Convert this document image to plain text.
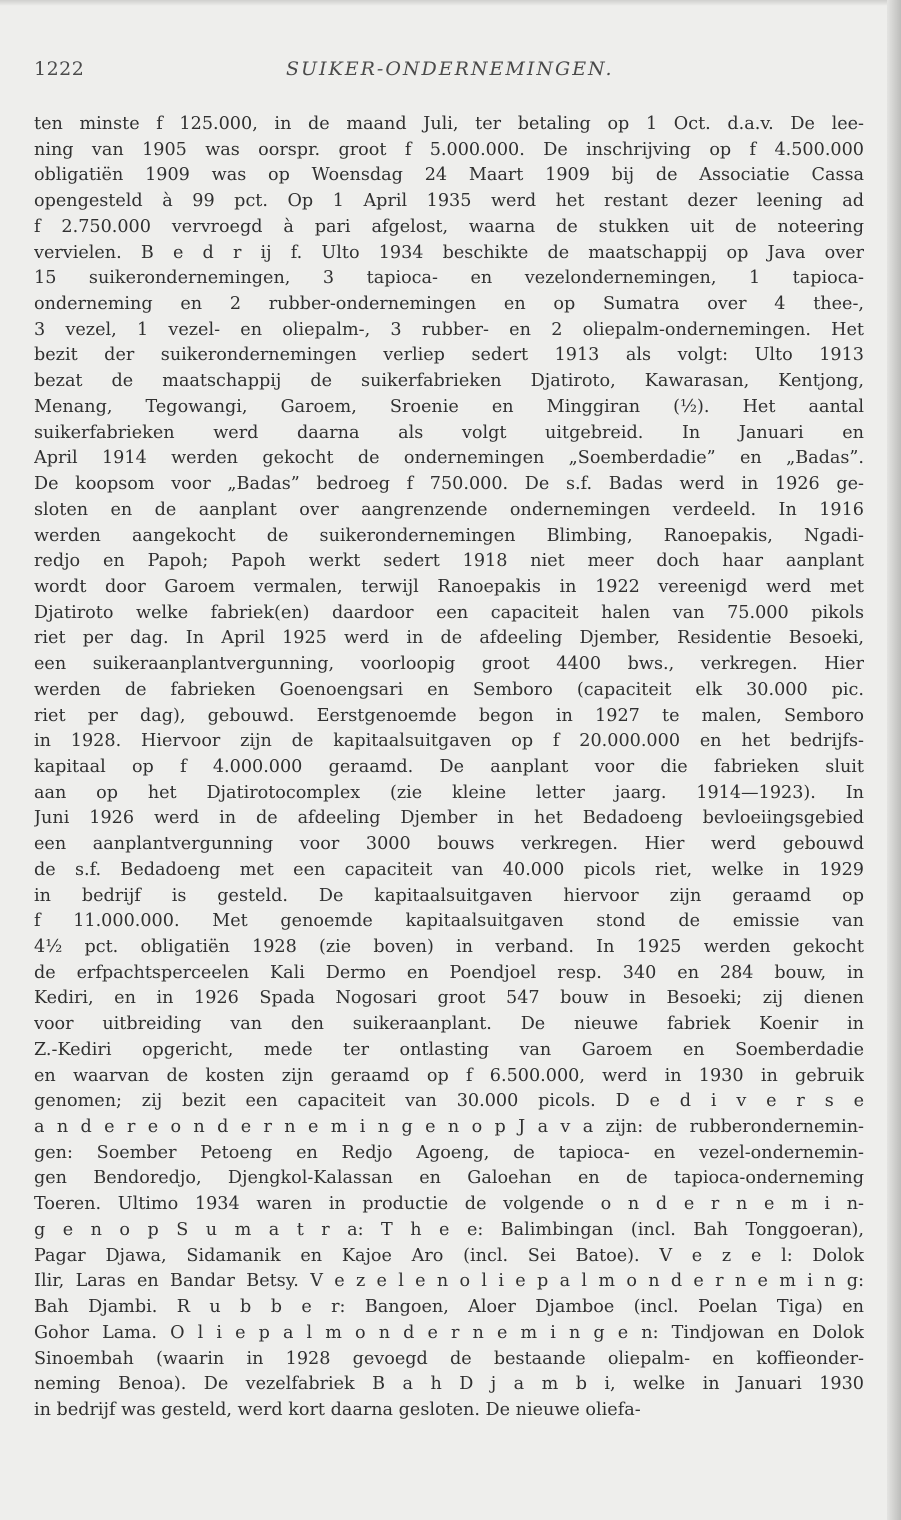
1222	SUIKER-ONDERNEMINGEN.
ten minste f 125.000, in de maand Juli, ter betaling op 1 Oct. d.a.v. De lee-
ning van 1905 was oorspr. groot f 5.000.000. De inschrijving op f 4.500.000
obligatiën 1909 was op Woensdag 24 Maart 1909 bij de Associatie Cassa
opengesteld à 99 pct. Op 1 April 1935 werd het restant dezer leening ad
f 2.750.000 vervroegd à pari afgelost, waarna de stukken uit de noteering
vervielen. B e d r ij f. Ulto 1934 beschikte de maatschappij op Java over
15 suikerondernemingen, 3 tapioca- en vezelondernemingen, 1 tapioca-
onderneming en 2 rubber-ondernemingen en op Sumatra over 4 thee-,
3 vezel, 1 vezel- en oliepalm-, 3 rubber- en 2 oliepalm-ondernemingen. Het
bezit der suikerondernemingen verliep sedert 1913 als volgt: Ulto 1913
bezat de maatschappij de suikerfabrieken Djatiroto, Kawarasan, Kentjong,
Menang, Tegowangi, Garoem, Sroenie en Minggiran (½). Het aantal
suikerfabrieken werd daarna als volgt uitgebreid. In Januari en
April 1914 werden gekocht de ondernemingen „Soemberdadie” en „Badas”.
De koopsom voor „Badas” bedroeg f 750.000. De s.f. Badas werd in 1926 ge-
sloten en de aanplant over aangrenzende ondernemingen verdeeld. In 1916
werden aangekocht de suikerondernemingen Blimbing, Ranoepakis, Ngadi-
redjo en Papoh; Papoh werkt sedert 1918 niet meer doch haar aanplant
wordt door Garoem vermalen, terwijl Ranoepakis in 1922 vereenigd werd met
Djatiroto welke fabriek(en) daardoor een capaciteit halen van 75.000 pikols
riet per dag. In April 1925 werd in de afdeeling Djember, Residentie Besoeki,
een suikeraanplantvergunning, voorloopig groot 4400 bws., verkregen. Hier
werden de fabrieken Goenoengsari en Semboro (capaciteit elk 30.000 pic.
riet per dag), gebouwd. Eerstgenoemde begon in 1927 te malen, Semboro
in 1928. Hiervoor zijn de kapitaalsuitgaven op f 20.000.000 en het bedrijfs-
kapitaal op f 4.000.000 geraamd. De aanplant voor die fabrieken sluit
aan op het Djatirotocomplex (zie kleine letter jaarg. 1914—1923). In
Juni 1926 werd in de afdeeling Djember in het Bedadoeng bevloeiingsgebied
een aanplantvergunning voor 3000 bouws verkregen. Hier werd gebouwd
de s.f. Bedadoeng met een capaciteit van 40.000 picols riet, welke in 1929
in bedrijf is gesteld. De kapitaalsuitgaven hiervoor zijn geraamd op
f 11.000.000. Met genoemde kapitaalsuitgaven stond de emissie van
4½ pct. obligatiën 1928 (zie boven) in verband. In 1925 werden gekocht
de erfpachtsperceelen Kali Dermo en Poendjoel resp. 340 en 284 bouw, in
Kediri, en in 1926 Spada Nogosari groot 547 bouw in Besoeki; zij dienen
voor uitbreiding van den suikeraanplant. De nieuwe fabriek Koenir in
Z.-Kediri opgericht, mede ter ontlasting van Garoem en Soemberdadie
en waarvan de kosten zijn geraamd op f 6.500.000, werd in 1930 in gebruik
genomen; zij bezit een capaciteit van 30.000 picols. D e d i v e r s e
a n d e r e o n d e r n e m i n g e n o p J a v a zijn: de rubberondernemin-
gen: Soember Petoeng en Redjo Agoeng, de tapioca- en vezel-ondernemin-
gen Bendoredjo, Djengkol-Kalassan en Galoehan en de tapioca-onderneming
Toeren. Ultimo 1934 waren in productie de volgende o n d e r n e m i n-
g e n o p S u m a t r a: T h e e: Balimbingan (incl. Bah Tonggoeran),
Pagar Djawa, Sidamanik en Kajoe Aro (incl. Sei Batoe). V e z e l: Dolok
Ilir, Laras en Bandar Betsy. V e z e l e n o l i e p a l m o n d e r n e m i n g:
Bah Djambi. R u b b e r: Bangoen, Aloer Djamboe (incl. Poelan Tiga) en
Gohor Lama. O l i e p a l m o n d e r n e m i n g e n: Tindjowan en Dolok
Sinoembah (waarin in 1928 gevoegd de bestaande oliepalm- en koffieonder-
neming Benoa). De vezelfabriek B a h D j a m b i, welke in Januari 1930
in bedrijf was gesteld, werd kort daarna gesloten. De nieuwe oliefa-
